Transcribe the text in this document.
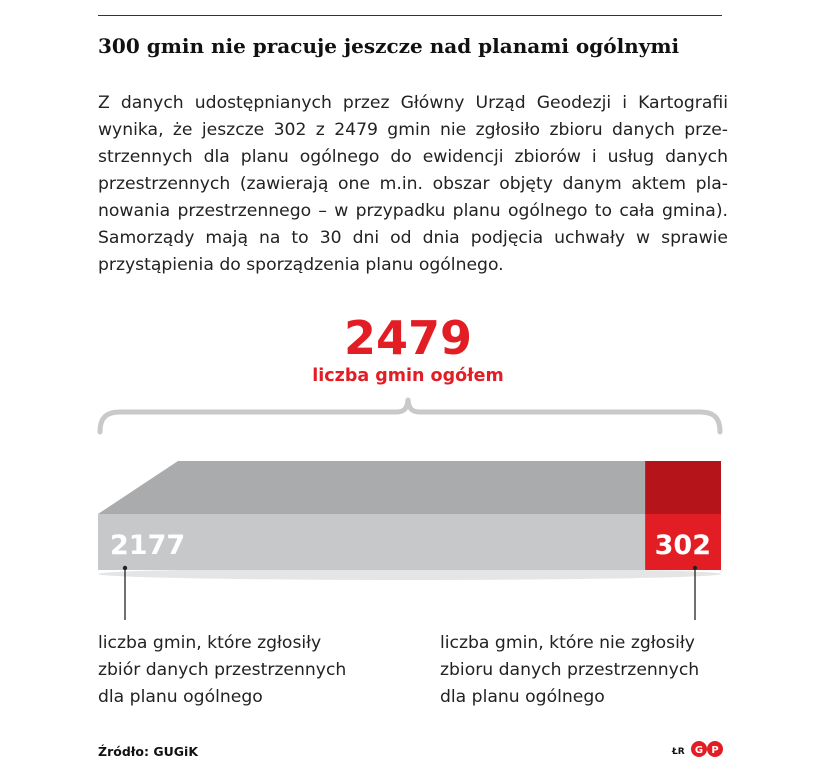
300 gmin nie pracuje jeszcze nad planami ogólnymi

Z danych udostępnianych przez Główny Urząd Geodezji i Kartografii wynika, że jeszcze 302 z 2479 gmin nie zgłosiło zbioru danych przestrzennych dla planu ogólnego do ewidencji zbiorów i usług danych przestrzennych (zawierają one m.in. obszar objęty danym aktem planowania przestrzennego – w przypadku planu ogólnego to cała gmina). Samorządy mają na to 30 dni od dnia podjęcia uchwały w sprawie przystąpienia do sporządzenia planu ogólnego.

2479
liczba gmin ogółem
2177	302

liczba gmin, które zgłosiły
zbiór danych przestrzennych
dla planu ogólnego

liczba gmin, które nie zgłosiły
zbioru danych przestrzennych
dla planu ogólnego

Źródło: GUGiK	ŁR G P
